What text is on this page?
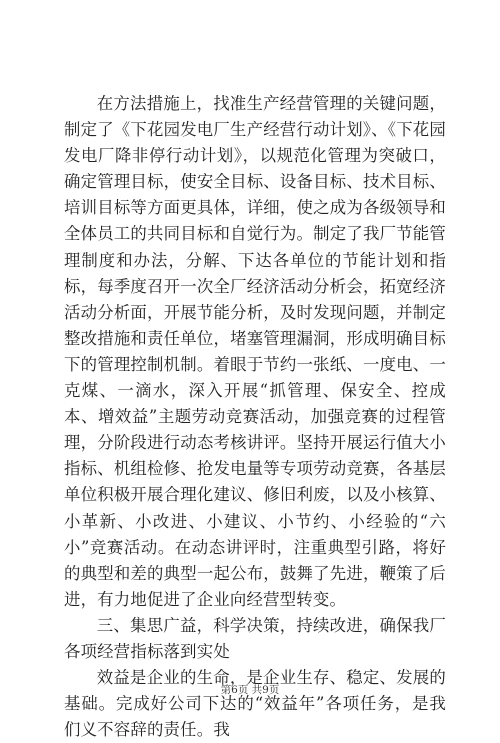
在方法措施上，找准生产经营管理的关键问题，制定了《下花园发电厂生产经营行动计划》、《下花园发电厂降非停行动计划》，以规范化管理为突破口，确定管理目标，使安全目标、设备目标、技术目标、培训目标等方面更具体，详细，使之成为各级领导和全体员工的共同目标和自觉行为。制定了我厂节能管理制度和办法，分解、下达各单位的节能计划和指标，每季度召开一次全厂经济活动分析会，拓宽经济活动分析面，开展节能分析，及时发现问题，并制定整改措施和责任单位，堵塞管理漏洞，形成明确目标下的管理控制机制。着眼于节约一张纸、一度电、一克煤、一滴水，深入开展“抓管理、保安全、控成本、增效益”主题劳动竞赛活动，加强竞赛的过程管理，分阶段进行动态考核讲评。坚持开展运行值大小指标、机组检修、抢发电量等专项劳动竞赛，各基层单位积极开展合理化建议、修旧利废，以及小核算、小革新、小改进、小建议、小节约、小经验的“六小”竞赛活动。在动态讲评时，注重典型引路，将好的典型和差的典型一起公布，鼓舞了先进，鞭策了后进，有力地促进了企业向经营型转变。

三、集思广益，科学决策，持续改进，确保我厂各项经营指标落到实处

效益是企业的生命，是企业生存、稳定、发展的基础。完成好公司下达的“效益年”各项任务，是我们义不容辞的责任。我

第6页 共9页
